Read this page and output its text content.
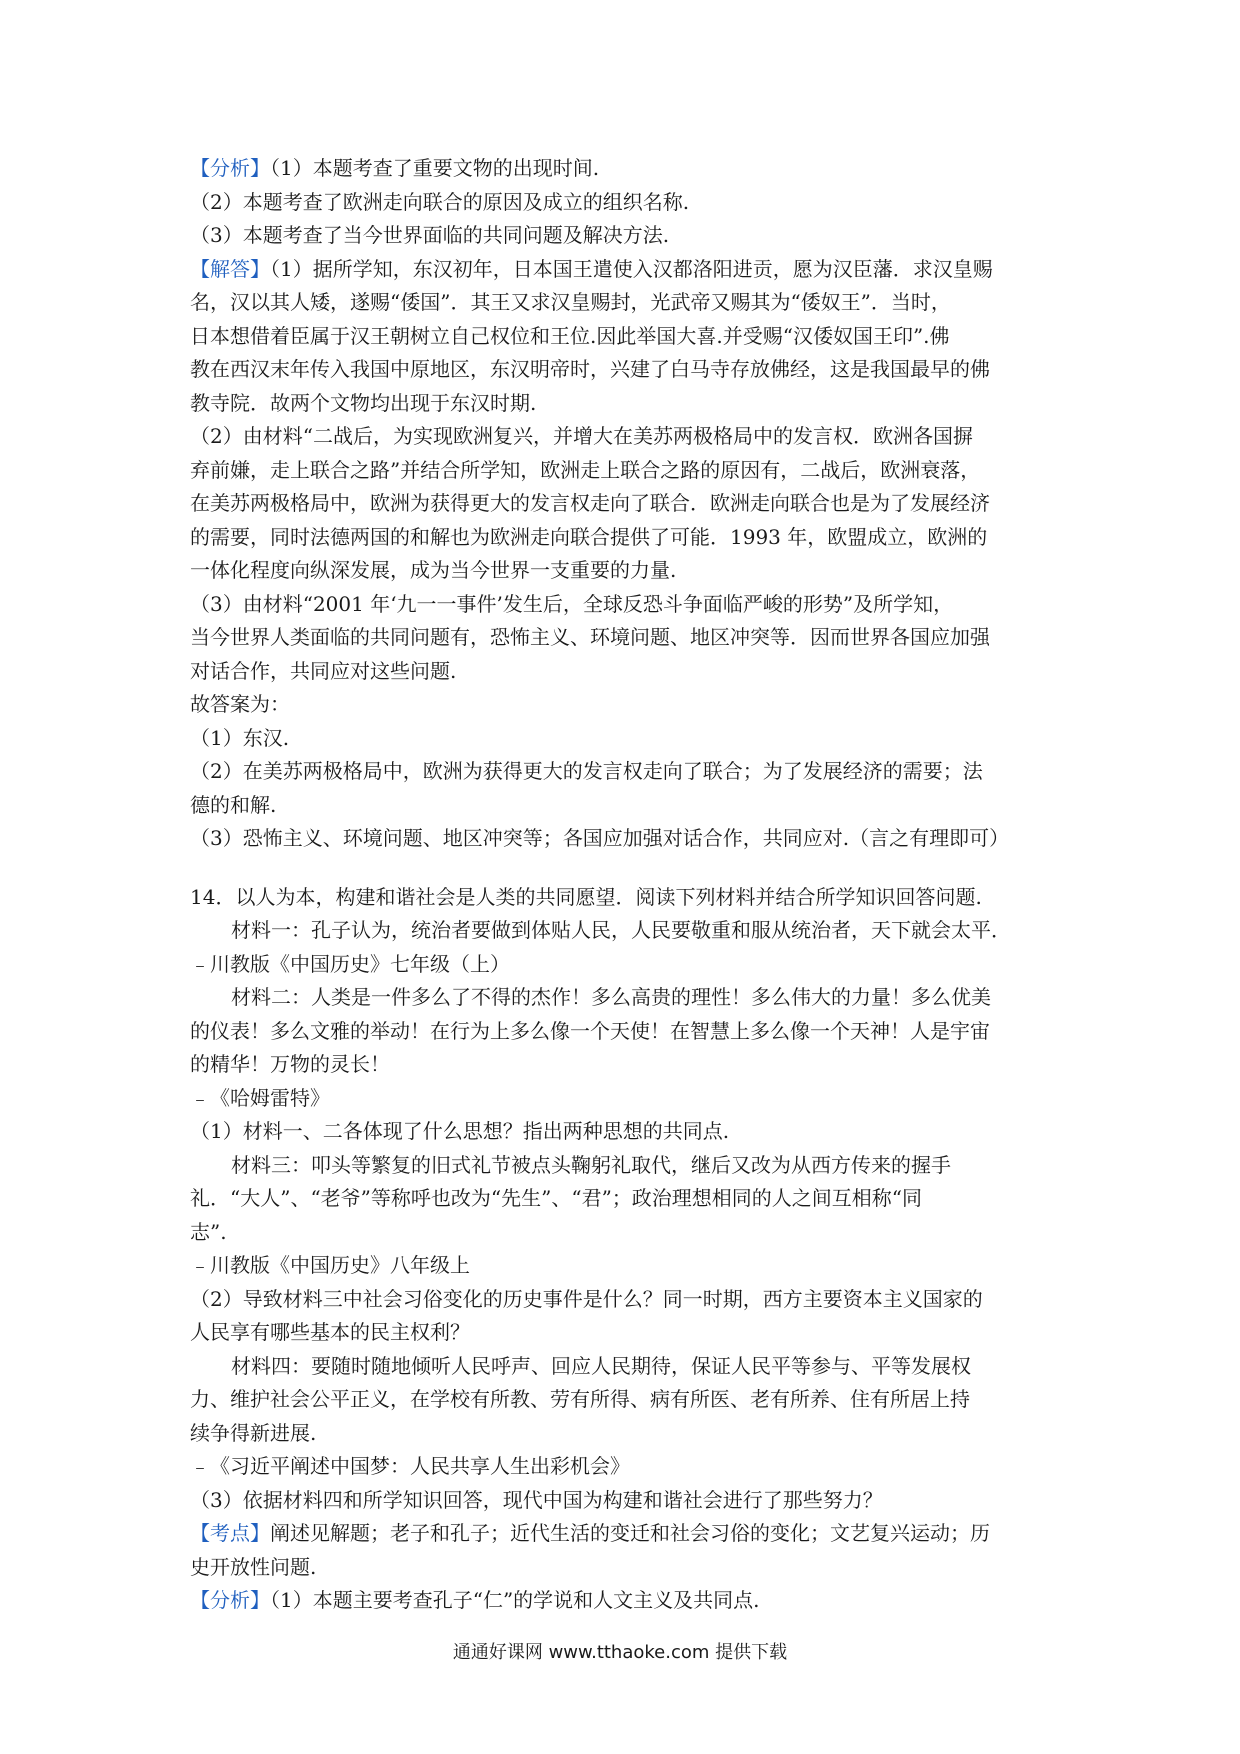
【分析】（1）本题考查了重要文物的出现时间.
（2）本题考查了欧洲走向联合的原因及成立的组织名称.
（3）本题考查了当今世界面临的共同问题及解决方法.
【解答】（1）据所学知，东汉初年，日本国王遣使入汉都洛阳进贡，愿为汉臣藩．求汉皇赐
名，汉以其人矮，遂赐“倭国”．其王又求汉皇赐封，光武帝又赐其为“倭奴王”．当时，
日本想借着臣属于汉王朝树立自己权位和王位.因此举国大喜.并受赐“汉倭奴国王印”.佛
教在西汉末年传入我国中原地区，东汉明帝时，兴建了白马寺存放佛经，这是我国最早的佛
教寺院．故两个文物均出现于东汉时期.
（2）由材料“二战后，为实现欧洲复兴，并增大在美苏两极格局中的发言权．欧洲各国摒
弃前嫌，走上联合之路”并结合所学知，欧洲走上联合之路的原因有，二战后，欧洲衰落，
在美苏两极格局中，欧洲为获得更大的发言权走向了联合．欧洲走向联合也是为了发展经济
的需要，同时法德两国的和解也为欧洲走向联合提供了可能．1993 年，欧盟成立，欧洲的
一体化程度向纵深发展，成为当今世界一支重要的力量.
（3）由材料“2001 年‘九一一事件’发生后，全球反恐斗争面临严峻的形势”及所学知，
当今世界人类面临的共同问题有，恐怖主义、环境问题、地区冲突等．因而世界各国应加强
对话合作，共同应对这些问题.
故答案为：
（1）东汉.
（2）在美苏两极格局中，欧洲为获得更大的发言权走向了联合；为了发展经济的需要；法
德的和解.
（3）恐怖主义、环境问题、地区冲突等；各国应加强对话合作，共同应对.（言之有理即可）
14．以人为本，构建和谐社会是人类的共同愿望．阅读下列材料并结合所学知识回答问题.
材料一：孔子认为，统治者要做到体贴人民，人民要敬重和服从统治者，天下就会太平．
﹣川教版《中国历史》七年级（上）
材料二：人类是一件多么了不得的杰作！多么高贵的理性！多么伟大的力量！多么优美
的仪表！多么文雅的举动！在行为上多么像一个天使！在智慧上多么像一个天神！人是宇宙
的精华！万物的灵长！
﹣《哈姆雷特》
（1）材料一、二各体现了什么思想？指出两种思想的共同点.
材料三：叩头等繁复的旧式礼节被点头鞠躬礼取代，继后又改为从西方传来的握手
礼．“大人”、“老爷”等称呼也改为“先生”、“君”；政治理想相同的人之间互相称“同
志”.
﹣川教版《中国历史》八年级上
（2）导致材料三中社会习俗变化的历史事件是什么？同一时期，西方主要资本主义国家的
人民享有哪些基本的民主权利？
材料四：要随时随地倾听人民呼声、回应人民期待，保证人民平等参与、平等发展权
力、维护社会公平正义，在学校有所教、劳有所得、病有所医、老有所养、住有所居上持
续争得新进展.
﹣《习近平阐述中国梦：人民共享人生出彩机会》
（3）依据材料四和所学知识回答，现代中国为构建和谐社会进行了那些努力？
【考点】阐述见解题；老子和孔子；近代生活的变迁和社会习俗的变化；文艺复兴运动；历
史开放性问题.
【分析】（1）本题主要考查孔子“仁”的学说和人文主义及共同点.
通通好课网 www.tthaoke.com 提供下载
